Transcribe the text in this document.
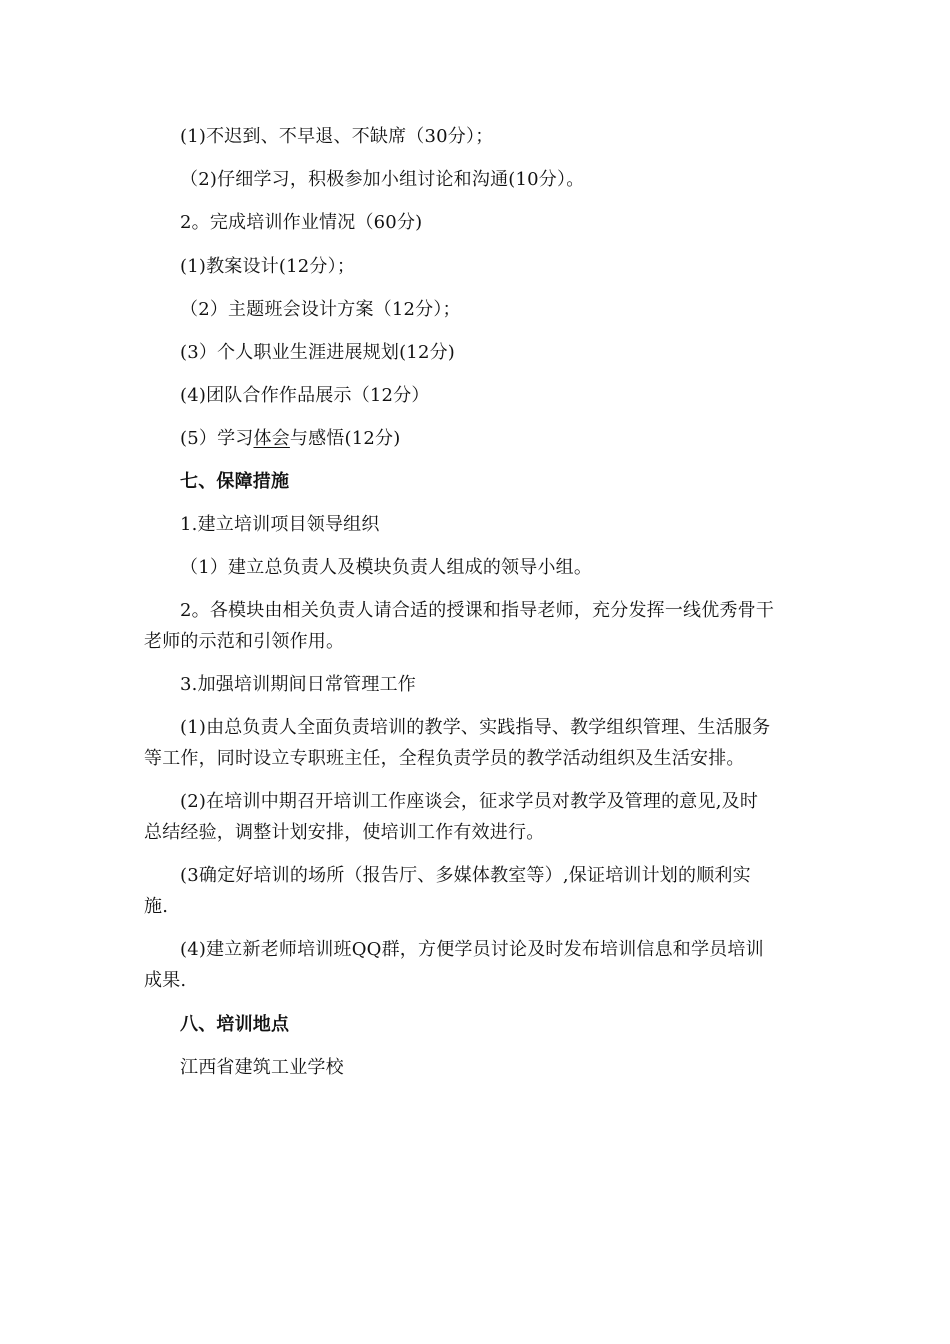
(1)不迟到、不早退、不缺席（30分）；
（2)仔细学习，积极参加小组讨论和沟通(10分）。
2。完成培训作业情况（60分)
(1)教案设计(12分）；
（2）主题班会设计方案（12分）；
(3）个人职业生涯进展规划(12分)
(4)团队合作作品展示（12分）
(5）学习体会与感悟(12分)
七、保障措施
1.建立培训项目领导组织
（1）建立总负责人及模块负责人组成的领导小组。
2。各模块由相关负责人请合适的授课和指导老师，充分发挥一线优秀骨干
老师的示范和引领作用。
3.加强培训期间日常管理工作
(1)由总负责人全面负责培训的教学、实践指导、教学组织管理、生活服务
等工作，同时设立专职班主任，全程负责学员的教学活动组织及生活安排。
(2)在培训中期召开培训工作座谈会，征求学员对教学及管理的意见,及时
总结经验，调整计划安排，使培训工作有效进行。
(3确定好培训的场所（报告厅、多媒体教室等）,保证培训计划的顺利实
施.
(4)建立新老师培训班QQ群，方便学员讨论及时发布培训信息和学员培训
成果.
八、培训地点
江西省建筑工业学校
